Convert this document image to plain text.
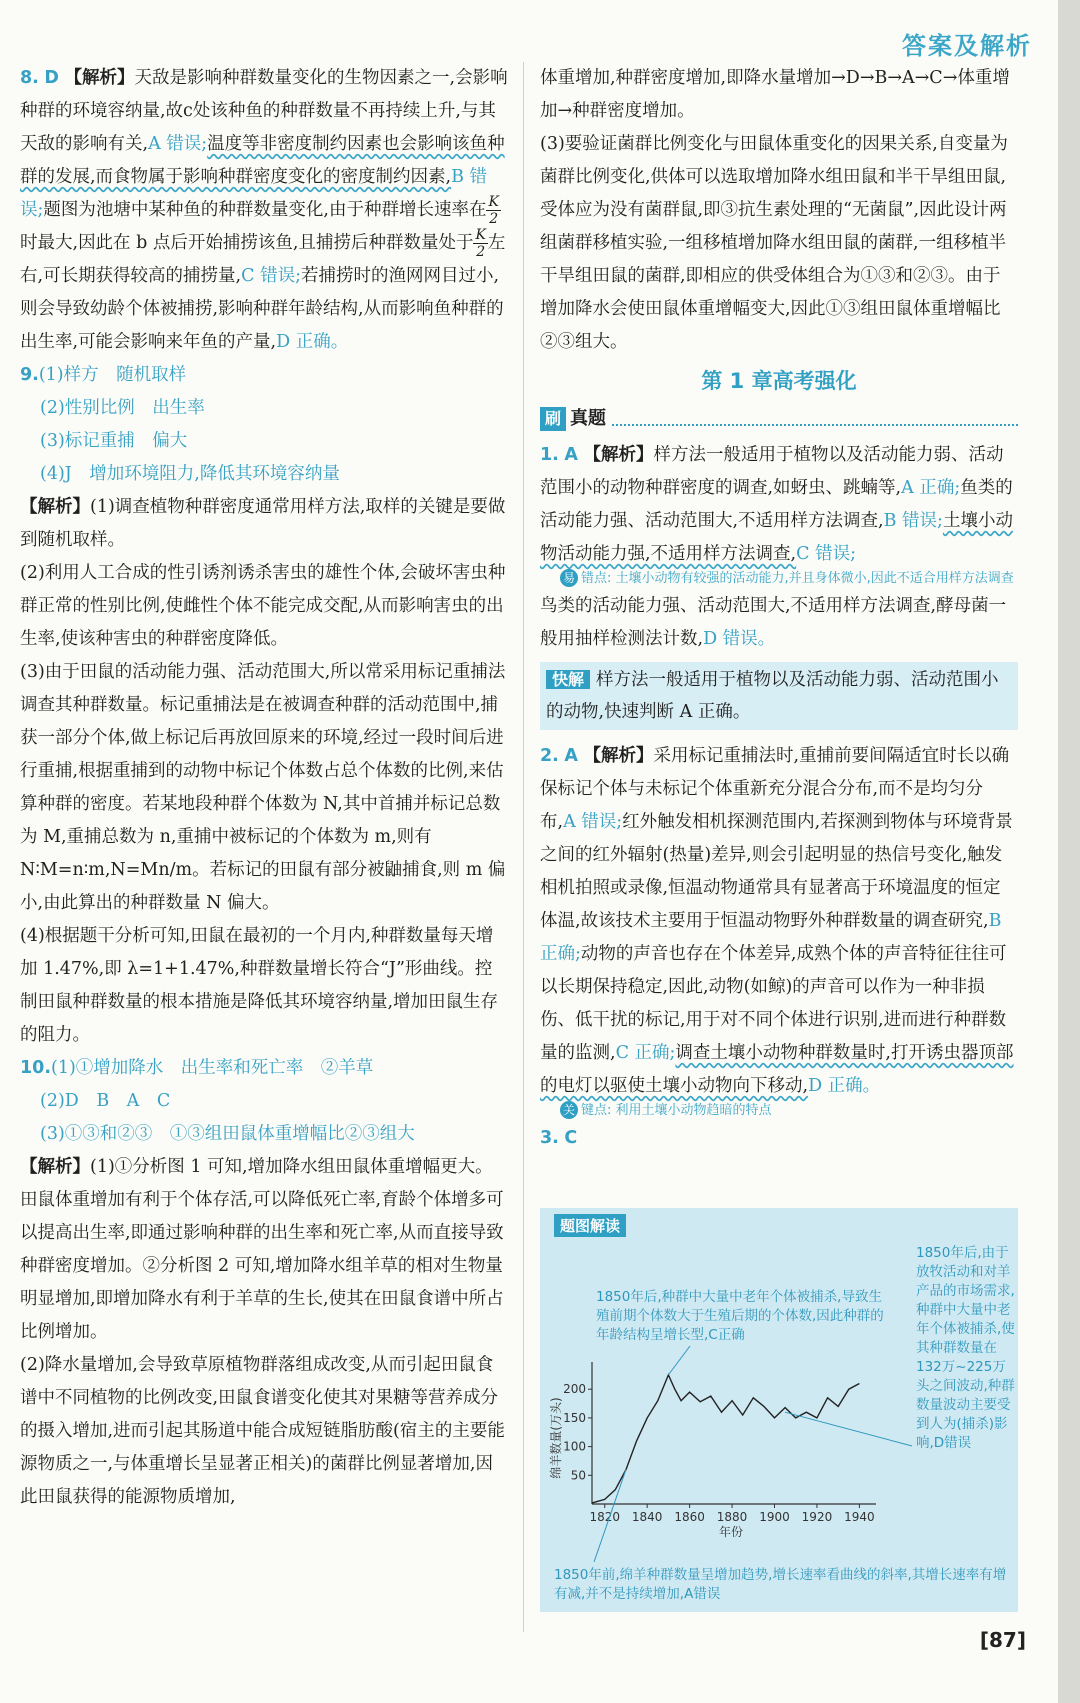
答案及解析

8. D 【解析】天敌是影响种群数量变化的生物因素之一,会影响种群的环境容纳量,故c处该种鱼的种群数量不再持续上升,与其天敌的影响有关,A 错误;温度等非密度制约因素也会影响该鱼种群的发展,而食物属于影响种群密度变化的密度制约因素,B 错误;题图为池塘中某种鱼的种群数量变化,由于种群增长速率在 $\frac{K}{2}$
时最大,因此在 b 点后开始捕捞该鱼,且捕捞后种群数量处于 $\frac{K}{2}$ 左右,可长期获得较高的捕捞量,C 错误;若捕捞时的渔网网目过小,则会导致幼龄个体被捕捞,影响种群年龄结构,从而影响鱼种群的出生率,可能会影响来年鱼的产量,D 正确。

9.(1)样方　随机取样

(2)性别比例　出生率

(3)标记重捕　偏大

(4)J　增加环境阻力,降低其环境容纳量

【解析】(1)调查植物种群密度通常用样方法,取样的关键是要做到随机取样。

(2)利用人工合成的性引诱剂诱杀害虫的雄性个体,会破坏害虫种群正常的性别比例,使雌性个体不能完成交配,从而影响害虫的出生率,使该种害虫的种群密度降低。

(3)由于田鼠的活动能力强、活动范围大,所以常采用标记重捕法调查其种群数量。标记重捕法是在被调查种群的活动范围中,捕获一部分个体,做上标记后再放回原来的环境,经过一段时间后进行重捕,根据重捕到的动物中标记个体数占总个体数的比例,来估算种群的密度。若某地段种群个体数为 N,其中首捕并标记总数为 M,重捕总数为 n,重捕中被标记的个体数为 m,则有 N∶M=n∶m,N=Mn/m。若标记的田鼠有部分被鼬捕食,则 m 偏小,由此算出的种群数量 N 偏大。

(4)根据题干分析可知,田鼠在最初的一个月内,种群数量每天增加 1.47%,即 λ=1+1.47%,种群数量增长符合“J”形曲线。控制田鼠种群数量的根本措施是降低其环境容纳量,增加田鼠生存的阻力。

10.(1)①增加降水　出生率和死亡率　②羊草

(2)D　B　A　C

(3)①③和②③　①③组田鼠体重增幅比②③组大

【解析】(1)①分析图 1 可知,增加降水组田鼠体重增幅更大。田鼠体重增加有利于个体存活,可以降低死亡率,育龄个体增多可以提高出生率,即通过影响种群的出生率和死亡率,从而直接导致种群密度增加。②分析图 2 可知,增加降水组羊草的相对生物量明显增加,即增加降水有利于羊草的生长,使其在田鼠食谱中所占比例增加。

(2)降水量增加,会导致草原植物群落组成改变,从而引起田鼠食谱中不同植物的比例改变,田鼠食谱变化使其对果糖等营养成分的摄入增加,进而引起其肠道中能合成短链脂肪酸(宿主的主要能源物质之一,与体重增长呈显著正相关)的菌群比例显著增加,因此田鼠获得的能源物质增加,

体重增加,种群密度增加,即降水量增加→D→B→A→C→体重增加→种群密度增加。

(3)要验证菌群比例变化与田鼠体重变化的因果关系,自变量为菌群比例变化,供体可以选取增加降水组田鼠和半干旱组田鼠,受体应为没有菌群鼠,即③抗生素处理的“无菌鼠”,因此设计两组菌群移植实验,一组移植增加降水组田鼠的菌群,一组移植半干旱组田鼠的菌群,即相应的供受体组合为①③和②③。由于增加降水会使田鼠体重增幅变大,因此①③组田鼠体重增幅比②③组大。

第 1 章高考强化
刷 真题

1. A 【解析】样方法一般适用于植物以及活动能力弱、活动范围小的动物种群密度的调查,如蚜虫、跳蝻等,A 正确;鱼类的活动能力强、活动范围大,不适用样方法调查,B 错误;土壤小动物活动能力强,不适用样方法调查,C 错误;

易 错点: 土壤小动物有较强的活动能力,并且身体微小,因此不适合用样方法调查

鸟类的活动能力强、活动范围大,不适用样方法调查,酵母菌一般用抽样检测法计数,D 错误。

快解 样方法一般适用于植物以及活动能力弱、活动范围小的动物,快速判断 A 正确。

2. A 【解析】采用标记重捕法时,重捕前要间隔适宜时长以确保标记个体与未标记个体重新充分混合分布,而不是均匀分布,A 错误;红外触发相机探测范围内,若探测到物体与环境背景之间的红外辐射(热量)差异,则会引起明显的热信号变化,触发相机拍照或录像,恒温动物通常具有显著高于环境温度的恒定体温,故该技术主要用于恒温动物野外种群数量的调查研究,B 正确;动物的声音也存在个体差异,成熟个体的声音特征往往可以长期保持稳定,因此,动物(如鲸)的声音可以作为一种非损伤、低干扰的标记,用于对不同个体进行识别,进而进行种群数量的监测,C 正确;调查土壤小动物种群数量时,打开诱虫器顶部的电灯以驱使土壤小动物向下移动,D 正确。

关 键点: 利用土壤小动物趋暗的特点

3. C

题图解读
1850年后,种群中大量中老年个体被捕杀,导致生殖前期个体数大于生殖后期的个体数,因此种群的年龄结构呈增长型,C正确
1850年后,由于放牧活动和对羊产品的市场需求,种群中大量中老年个体被捕杀,使其种群数量在132万~225万头之间波动,种群数量波动主要受到人为(捕杀)影响,D错误
50
100
150
200
1820 1840 1860 1880 1900 1920 1940
年份
绵羊数量(万头)
1850年前,绵羊种群数量呈增加趋势,增长速率看曲线的斜率,其增长速率有增有减,并不是持续增加,A错误
[87]
